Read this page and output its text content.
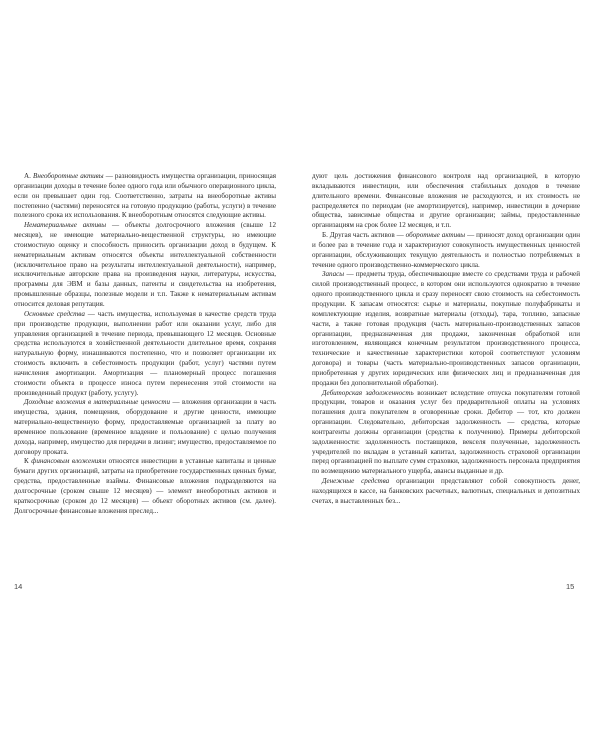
А. Внеоборотные активы — разновидность имущества организации, приносящая организации доходы в течение более одного года или обычного операционного цикла, если он превышает один год. Соответственно, затраты на внеоборотные активы постепенно (частями) переносятся на готовую продукцию (работы, услуги) в течение полезного срока их использования. К внеоборотным относятся следующие активы.

Нематериальные активы — объекты долгосрочного вложения (свыше 12 месяцев), не имеющие материально-вещественной структуры, но имеющие стоимостную оценку и способность приносить организации доход в будущем. К нематериальным активам относятся объекты интеллектуальной собственности (исключительное право на результаты интеллектуальной деятельности), например, исключительные авторские права на произведения науки, литературы, искусства, программы для ЭВМ и базы данных, патенты и свидетельства на изобретения, промышленные образцы, полезные модели и т.п. Также к нематериальным активам относится деловая репутация.

Основные средства — часть имущества, используемая в качестве средств труда при производстве продукции, выполнении работ или оказании услуг, либо для управления организацией в течение периода, превышающего 12 месяцев. Основные средства используются в хозяйственной деятельности длительное время, сохраняя натуральную форму, изнашиваются постепенно, что и позволяет организации их стоимость включить в себестоимость продукции (работ, услуг) частями путем начисления амортизации. Амортизация — планомерный процесс погашения стоимости объекта в процессе износа путем перенесения этой стоимости на произведенный продукт (работу, услугу).

Доходные вложения в материальные ценности — вложения организации в часть имущества, здания, помещения, оборудование и другие ценности, имеющие материально-вещественную форму, предоставляемые организацией за плату во временное пользование (временное владение и пользование) с целью получения дохода, например, имущество для передачи в лизинг; имущество, предоставляемое по договору проката.

К финансовым вложениям относятся инвестиции в уставные капиталы и ценные бумаги других организаций, затраты на приобретение государственных ценных бумаг, средства, предоставленные взаймы. Финансовые вложения подразделяются на долгосрочные (сроком свыше 12 месяцев) — элемент внеоборотных активов и краткосрочные (сроком до 12 месяцев) — объект оборотных активов (см. далее). Долгосрочные финансовые вложения преслед...

14

дуют цель достижения финансового контроля над организацией, в которую вкладываются инвестиции, или обеспечения стабильных доходов в течение длительного времени. Финансовые вложения не расходуются, и их стоимость не распределяется по периодам (не амортизируется), например, инвестиции в дочерние общества, зависимые общества и другие организации; займы, предоставленные организациям на срок более 12 месяцев, и т.п.

Б. Другая часть активов — оборотные активы — приносят доход организации один и более раз в течение года и характеризуют совокупность имущественных ценностей организации, обслуживающих текущую деятельность и полностью потребляемых в течение одного производственно-коммерческого цикла.

Запасы — предметы труда, обеспечивающие вместе со средствами труда и рабочей силой производственный процесс, в котором они используются однократно в течение одного производственного цикла и сразу переносят свою стоимость на себестоимость продукции. К запасам относятся: сырье и материалы, покупные полуфабрикаты и комплектующие изделия, возвратные материалы (отходы), тара, топливо, запасные части, а также готовая продукция (часть материально-производственных запасов организации, предназначенная для продажи, законченная обработкой или изготовлением, являющаяся конечным результатом производственного процесса, технические и качественные характеристики которой соответствуют условиям договора) и товары (часть материально-производственных запасов организации, приобретенная у других юридических или физических лиц и предназначенная для продажи без дополнительной обработки).

Дебиторская задолженность возникает вследствие отпуска покупателям готовой продукции, товаров и оказания услуг без предварительной оплаты на условиях погашения долга покупателем в оговоренные сроки. Дебитор — тот, кто должен организации. Следовательно, дебиторская задолженность — средства, которые контрагенты должны организации (средства к получению). Примеры дебиторской задолженности: задолженность поставщиков, векселя полученные, задолженность учредителей по вкладам в уставный капитал, задолженность страховой организации перед организацией по выплате сумм страховки, задолженность персонала предприятия по возмещению материального ущерба, авансы выданные и др.

Денежные средства организации представляют собой совокупность денег, находящихся в кассе, на банковских расчетных, валютных, специальных и депозитных счетах, в выставленных без...

15
